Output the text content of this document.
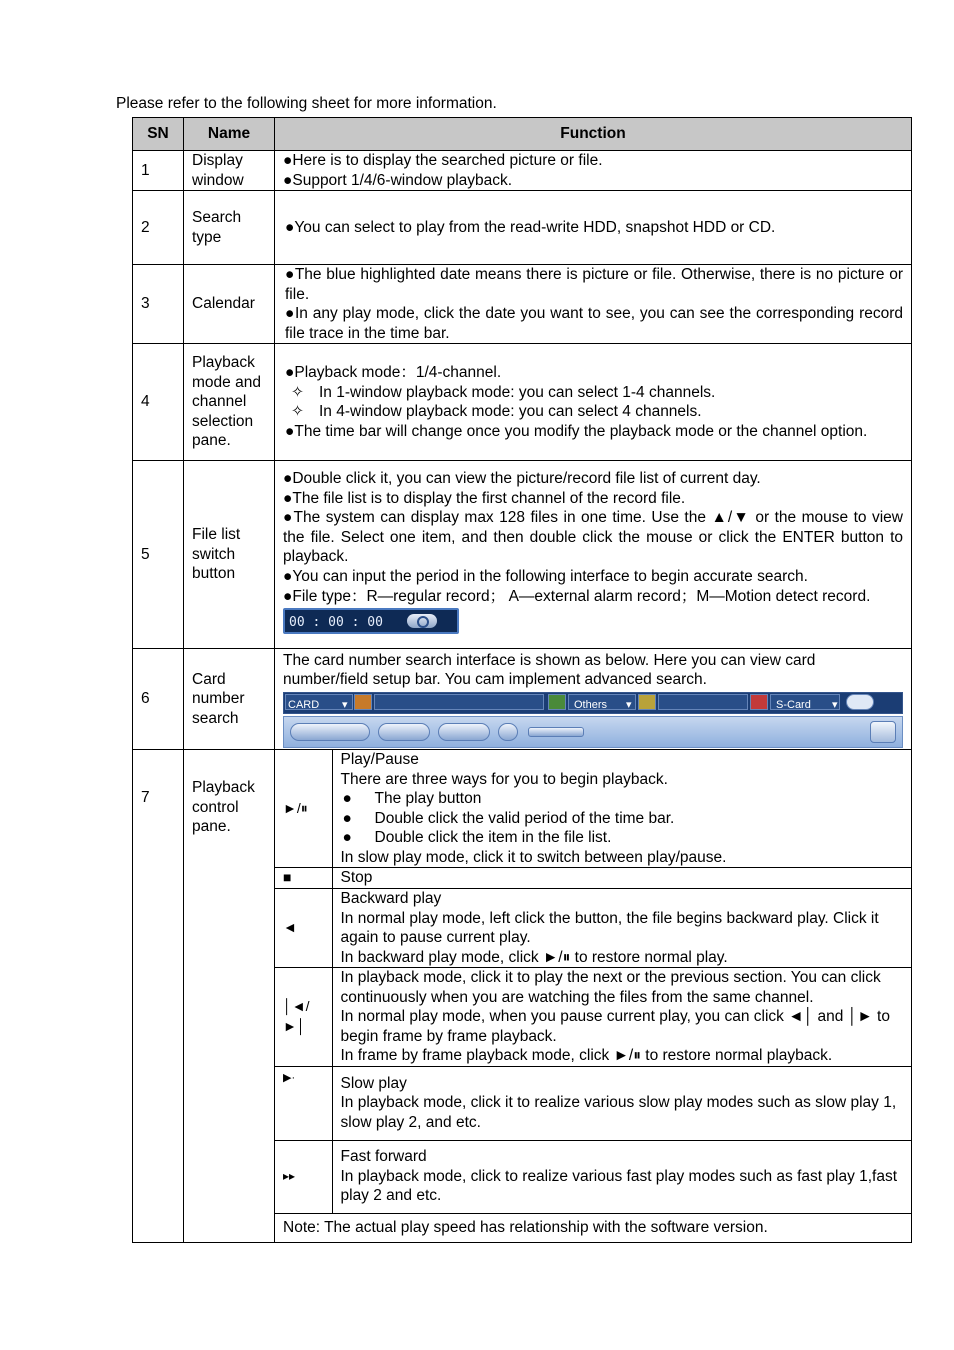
Please refer to the following sheet for more information.
SN	Name	Function
1	Display window	
●Here is to display the searched picture or file.
●Support 1/4/6-window playback.

2	Search type	
●You can select to play from the read-write HDD, snapshot HDD or CD.

3	Calendar	
●The blue highlighted date means there is picture or file. Otherwise, there is no picture or file.
●In any play mode, click the date you want to see, you can see the corresponding record file trace in the time bar.

4	Playback mode and channel selection pane.	
●Playback mode：1/4-channel.
✧ In 1-window playback mode: you can select 1-4 channels.
✧ In 4-window playback mode: you can select 4 channels.
●The time bar will change once you modify the playback mode or the channel option.

5	File list switch button	
●Double click it, you can view the picture/record file list of current day.
●The file list is to display the first channel of the record file.
●The system can display max 128 files in one time. Use the ▲/▼ or the mouse to view the file. Select one item, and then double click the mouse or click the ENTER button to playback.
●You can input the period in the following interface to begin accurate search.
●File type：R—regular record； A—external alarm record；M—Motion detect record.
00 : 00 : 00

6	Card number search	
The card number search interface is shown as below. Here you can view card number/field setup bar. You cam implement advanced search.
CARD ▾	Others ▾	S-Card ▾

7	Playback control pane.	
►/⏸	
Play/Pause
There are three ways for you to begin playback.
● The play button
● Double click the valid period of the time bar.
● Double click the item in the file list.
In slow play mode, click it to switch between play/pause.

■	Stop
◄	
Backward play
In normal play mode, left click the button, the file begins backward play. Click it again to pause current play.
In backward play mode, click ►/⏸ to restore normal play.

│◄/ ►│	
In playback mode, click it to play the next or the previous section. You can click continuously when you are watching the files from the same channel.
In normal play mode, when you pause current play, you can click ◄│ and │► to begin frame by frame playback.
In frame by frame playback mode, click ►/⏸ to restore normal playback.

▶·	Slow play
In playback mode, click it to realize various slow play modes such as slow play 1, slow play 2, and etc.

▸▸	
Fast forward
In playback mode, click to realize various fast play modes such as fast play 1,fast play 2 and etc.

Note: The actual play speed has relationship with the software version.
